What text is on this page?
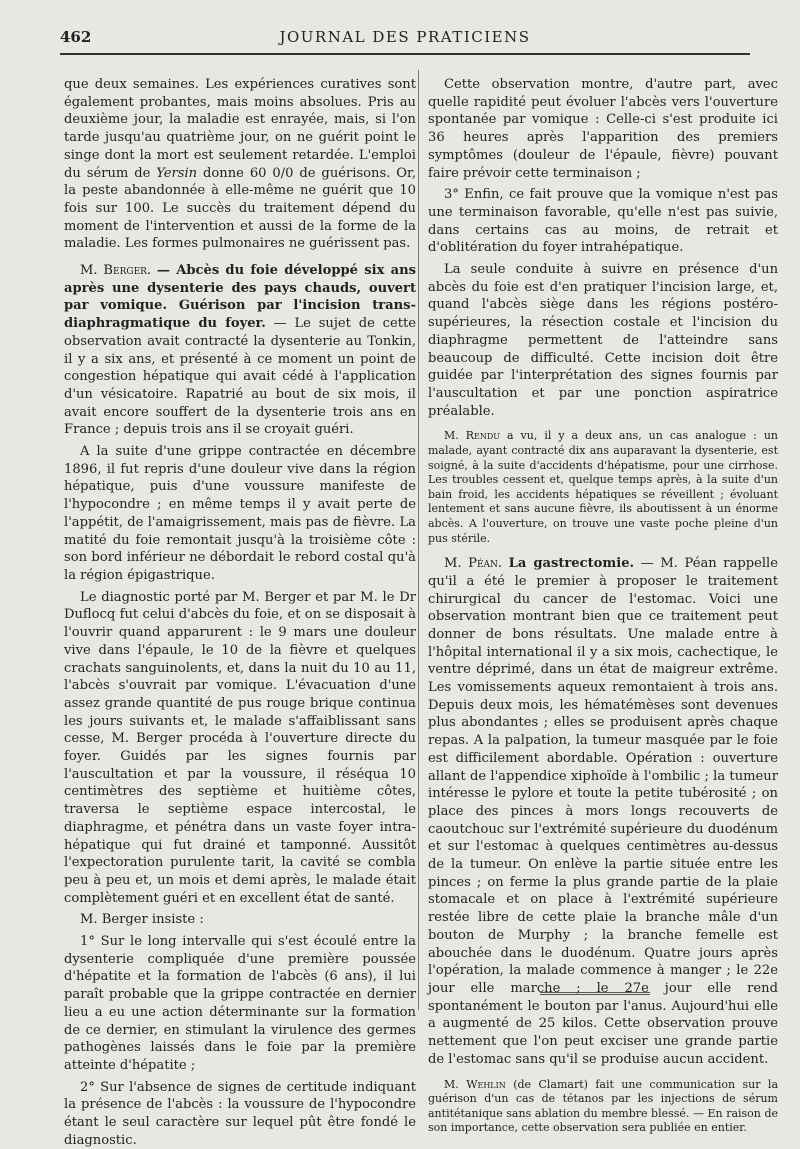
462	JOURNAL DES PRATICIENS

que deux semaines. Les expériences curatives sont également probantes, mais moins absolues. Pris au deuxième jour, la maladie est enrayée, mais, si l'on tarde jusqu'au quatrième jour, on ne guérit point le singe dont la mort est seulement retardée. L'emploi du sérum de Yersin donne 60 0/0 de guérisons. Or, la peste abandonnée à elle-même ne guérit que 10 fois sur 100. Le succès du traitement dépend du moment de l'intervention et aussi de la forme de la maladie. Les formes pulmonaires ne guérissent pas.

M. Berger. — Abcès du foie développé six ans après une dysenterie des pays chauds, ouvert par vomique. Guérison par l'incision trans-diaphragmatique du foyer. — Le sujet de cette observation avait contracté la dysenterie au Tonkin, il y a six ans, et présenté à ce moment un point de congestion hépatique qui avait cédé à l'application d'un vésicatoire. Rapatrié au bout de six mois, il avait encore souffert de la dysenterie trois ans en France ; depuis trois ans il se croyait guéri.

A la suite d'une grippe contractée en décembre 1896, il fut repris d'une douleur vive dans la région hépatique, puis d'une voussure manifeste de l'hypocondre ; en même temps il y avait perte de l'appétit, de l'amaigrissement, mais pas de fièvre. La matité du foie remontait jusqu'à la troisième côte : son bord inférieur ne débordait le rebord costal qu'à la région épigastrique.

Le diagnostic porté par M. Berger et par M. le Dr Duflocq fut celui d'abcès du foie, et on se disposait à l'ouvrir quand apparurent : le 9 mars une douleur vive dans l'épaule, le 10 de la fièvre et quelques crachats sanguinolents, et, dans la nuit du 10 au 11, l'abcès s'ouvrait par vomique. L'évacuation d'une assez grande quantité de pus rouge brique continua les jours suivants et, le malade s'affaiblissant sans cesse, M. Berger procéda à l'ouverture directe du foyer. Guidés par les signes fournis par l'auscultation et par la voussure, il réséqua 10 centimètres des septième et huitième côtes, traversa le septième espace intercostal, le diaphragme, et pénétra dans un vaste foyer intra-hépatique qui fut drainé et tamponné. Aussitôt l'expectoration purulente tarit, la cavité se combla peu à peu et, un mois et demi après, le malade était complètement guéri et en excellent état de santé.

M. Berger insiste :

1° Sur le long intervalle qui s'est écoulé entre la dysenterie compliquée d'une première poussée d'hépatite et la formation de l'abcès (6 ans), il lui paraît probable que la grippe contractée en dernier lieu a eu une action déterminante sur la formation de ce dernier, en stimulant la virulence des germes pathogènes laissés dans le foie par la première atteinte d'hépatite ;

2° Sur l'absence de signes de certitude indiquant la présence de l'abcès : la voussure de l'hypocondre étant le seul caractère sur lequel pût être fondé le diagnostic.

Cette observation montre, d'autre part, avec quelle rapidité peut évoluer l'abcès vers l'ouverture spontanée par vomique : Celle-ci s'est produite ici 36 heures après l'apparition des premiers symptômes (douleur de l'épaule, fièvre) pouvant faire prévoir cette terminaison ;

3° Enfin, ce fait prouve que la vomique n'est pas une terminaison favorable, qu'elle n'est pas suivie, dans certains cas au moins, de retrait et d'oblitération du foyer intrahépatique.

La seule conduite à suivre en présence d'un abcès du foie est d'en pratiquer l'incision large, et, quand l'abcès siège dans les régions postéro-supérieures, la résection costale et l'incision du diaphragme permettent de l'atteindre sans beaucoup de difficulté. Cette incision doit être guidée par l'interprétation des signes fournis par l'auscultation et par une ponction aspiratrice préalable.

M. Rendu a vu, il y a deux ans, un cas analogue : un malade, ayant contracté dix ans auparavant la dysenterie, est soigné, à la suite d'accidents d'hépatisme, pour une cirrhose. Les troubles cessent et, quelque temps après, à la suite d'un bain froid, les accidents hépatiques se réveillent ; évoluant lentement et sans aucune fièvre, ils aboutissent à un énorme abcès. A l'ouverture, on trouve une vaste poche pleine d'un pus stérile.

M. Péan. La gastrectomie. — M. Péan rappelle qu'il a été le premier à proposer le traitement chirurgical du cancer de l'estomac. Voici une observation montrant bien que ce traitement peut donner de bons résultats. Une malade entre à l'hôpital international il y a six mois, cachectique, le ventre déprimé, dans un état de maigreur extrême. Les vomissements aqueux remontaient à trois ans. Depuis deux mois, les hématémèses sont devenues plus abondantes ; elles se produisent après chaque repas. A la palpation, la tumeur masquée par le foie est difficilement abordable. Opération : ouverture allant de l'appendice xiphoïde à l'ombilic ; la tumeur intéresse le pylore et toute la petite tubérosité ; on place des pinces à mors longs recouverts de caoutchouc sur l'extrémité supérieure du duodénum et sur l'estomac à quelques centimètres au-dessus de la tumeur. On enlève la partie située entre les pinces ; on ferme la plus grande partie de la plaie stomacale et on place à l'extrémité supérieure restée libre de cette plaie la branche mâle d'un bouton de Murphy ; la branche femelle est abouchée dans le duodénum. Quatre jours après l'opération, la malade commence à manger ; le 22e jour elle marche ; le 27e jour elle rend spontanément le bouton par l'anus. Aujourd'hui elle a augmenté de 25 kilos. Cette observation prouve nettement que l'on peut exciser une grande partie de l'estomac sans qu'il se produise aucun accident.

M. Wehlin (de Clamart) fait une communication sur la guérison d'un cas de tétanos par les injections de sérum antitétanique sans ablation du membre blessé. — En raison de son importance, cette observation sera publiée en entier.
